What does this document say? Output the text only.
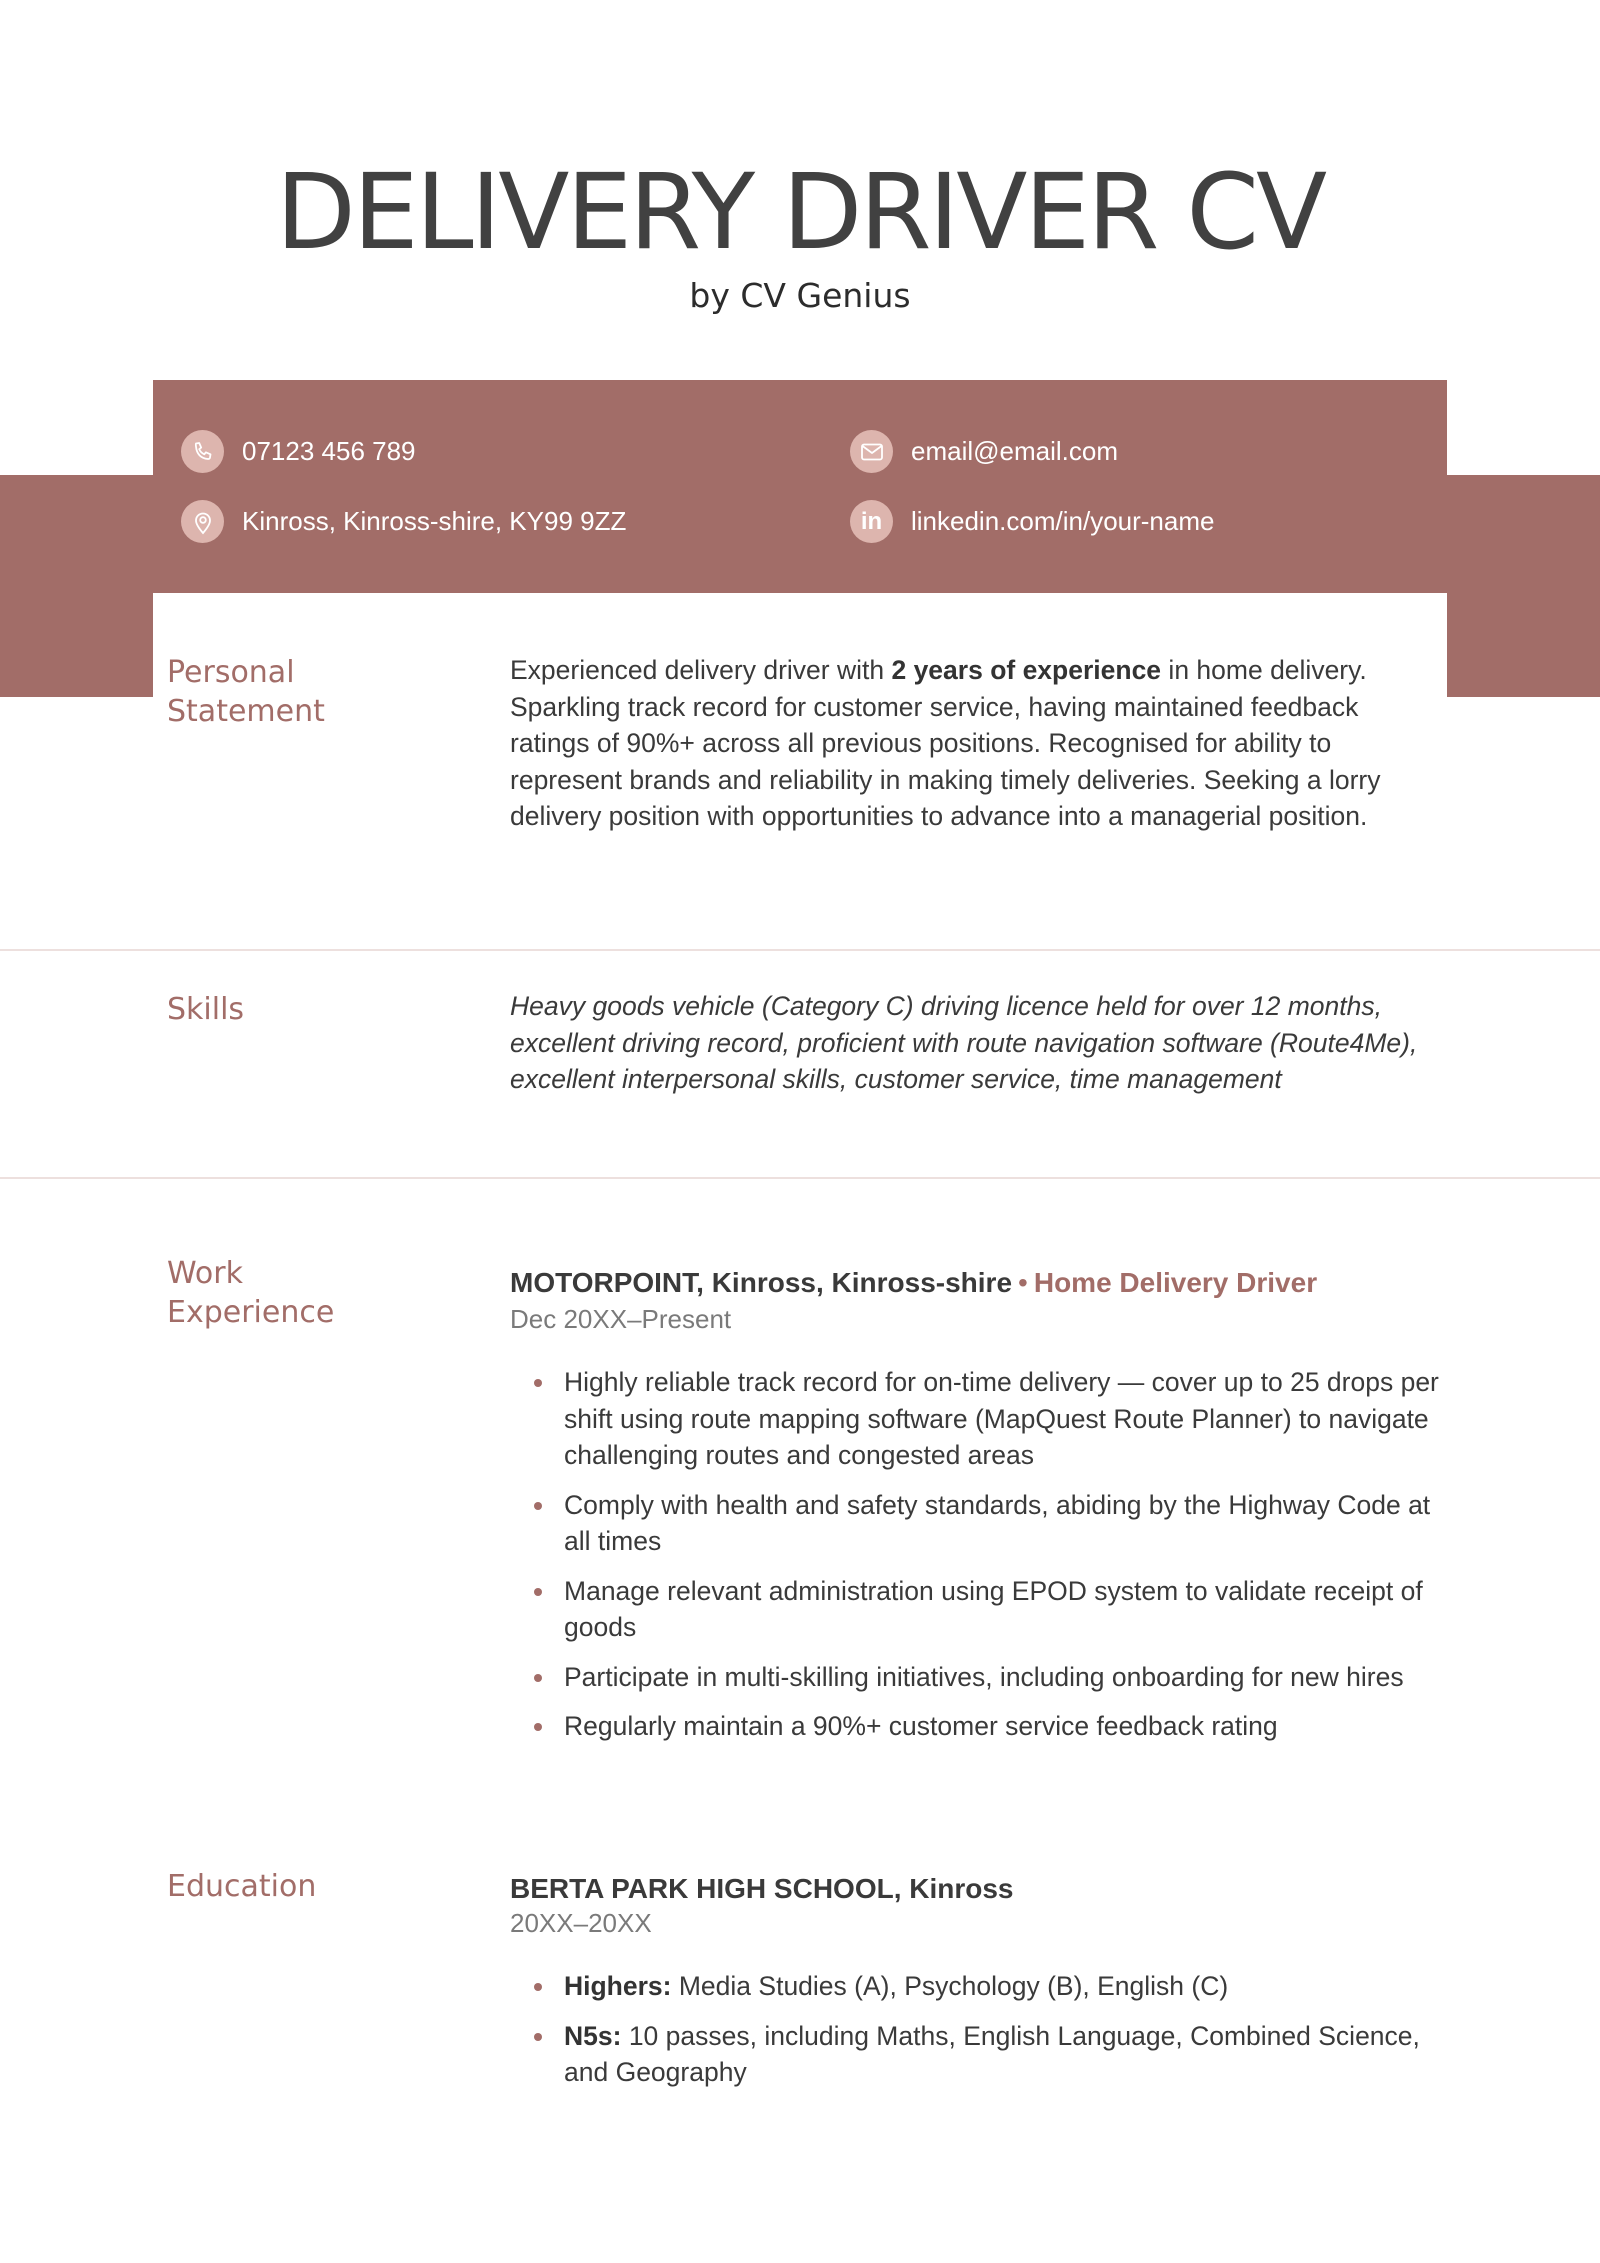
DELIVERY DRIVER CV
by CV Genius
07123 456 789
Kinross, Kinross-shire, KY99 9ZZ
email@email.com
in linkedin.com/in/your-name
Personal
Statement
Experienced delivery driver with 2 years of experience in home delivery. Sparkling track record for customer service, having maintained feedback ratings of 90%+ across all previous positions. Recognised for ability to represent brands and reliability in making timely deliveries. Seeking a lorry delivery position with opportunities to advance into a managerial position.
Skills	Heavy goods vehicle (Category C) driving licence held for over 12 months, excellent driving record, proficient with route navigation software (Route4Me), excellent interpersonal skills, customer service, time management
Work
Experience
MOTORPOINT, Kinross, Kinross-shire • Home Delivery Driver
Dec 20XX–Present
Highly reliable track record for on-time delivery — cover up to 25 drops per shift using route mapping software (MapQuest Route Planner) to navigate challenging routes and congested areas
Comply with health and safety standards, abiding by the Highway Code at all times
Manage relevant administration using EPOD system to validate receipt of goods
Participate in multi-skilling initiatives, including onboarding for new hires
Regularly maintain a 90%+ customer service feedback rating
Education	BERTA PARK HIGH SCHOOL, Kinross
20XX–20XX
Highers: Media Studies (A), Psychology (B), English (C)
N5s: 10 passes, including Maths, English Language, Combined Science, and Geography
